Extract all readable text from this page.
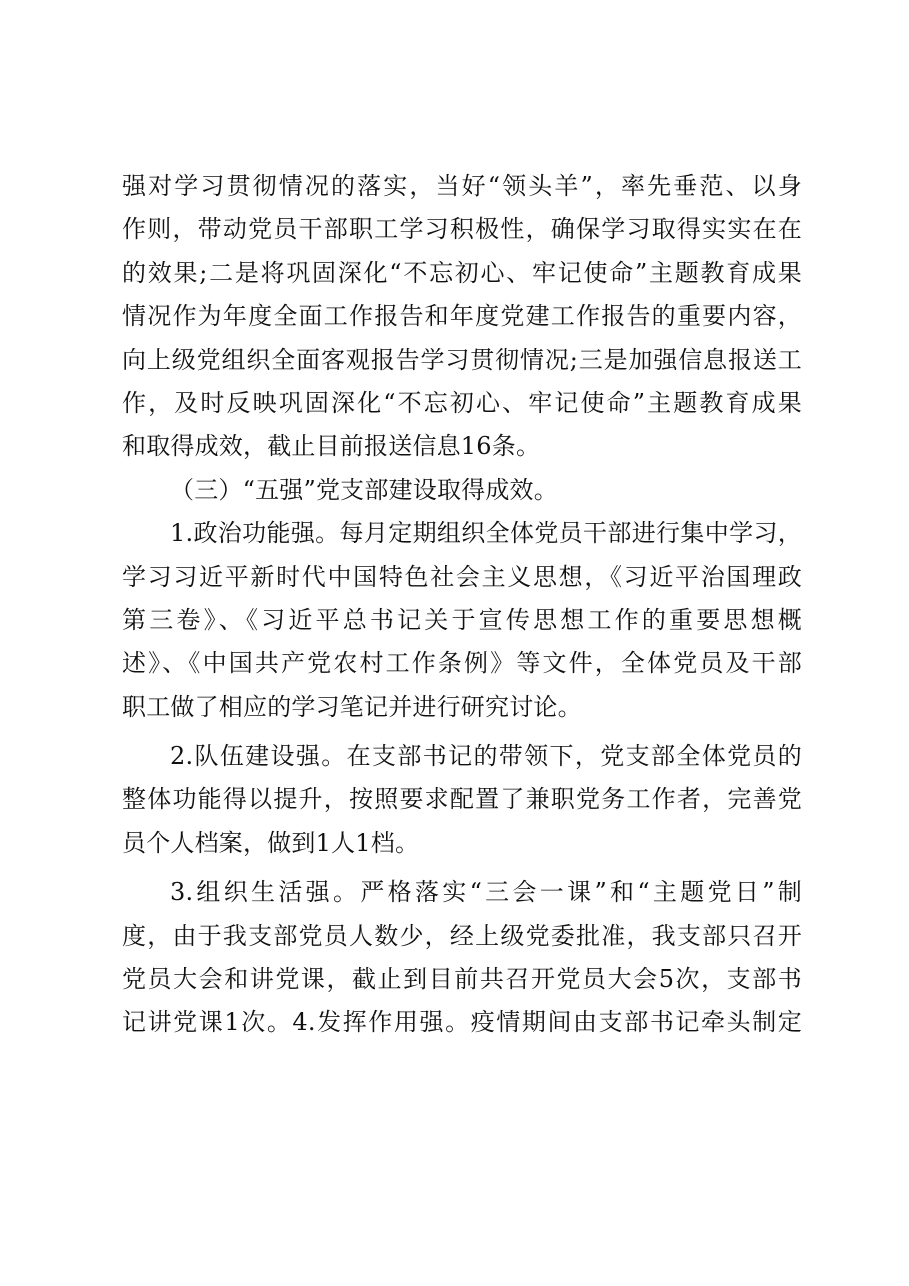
强对学习贯彻情况的落实，当好“领头羊”，率先垂范、以身
作则，带动党员干部职工学习积极性，确保学习取得实实在在
的效果;二是将巩固深化“不忘初心、牢记使命”主题教育成果
情况作为年度全面工作报告和年度党建工作报告的重要内容，
向上级党组织全面客观报告学习贯彻情况;三是加强信息报送工
作，及时反映巩固深化“不忘初心、牢记使命”主题教育成果
和取得成效，截止目前报送信息16条。
（三）“五强”党支部建设取得成效。
1.政治功能强。每月定期组织全体党员干部进行集中学习，
学习习近平新时代中国特色社会主义思想，《习近平治国理政
第三卷》、《习近平总书记关于宣传思想工作的重要思想概
述》、《中国共产党农村工作条例》等文件，全体党员及干部
职工做了相应的学习笔记并进行研究讨论。
2.队伍建设强。在支部书记的带领下，党支部全体党员的
整体功能得以提升，按照要求配置了兼职党务工作者，完善党
员个人档案，做到1人1档。
3.组织生活强。严格落实“三会一课”和“主题党日”制
度，由于我支部党员人数少，经上级党委批准，我支部只召开
党员大会和讲党课，截止到目前共召开党员大会5次，支部书
记讲党课1次。4.发挥作用强。疫情期间由支部书记牵头制定
